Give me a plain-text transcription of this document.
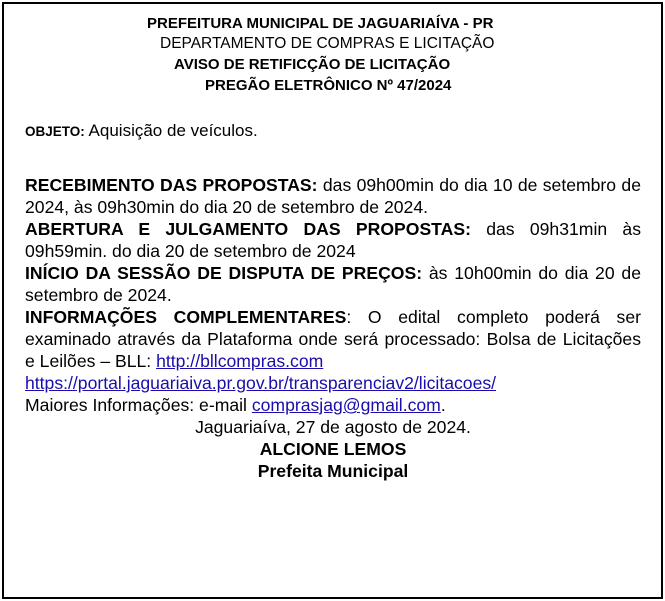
PREFEITURA MUNICIPAL DE JAGUARIAÍVA - PR
DEPARTAMENTO DE COMPRAS E LICITAÇÃO
AVISO DE RETIFICÇÃO DE LICITAÇÃO
PREGÃO ELETRÔNICO Nº 47/2024
OBJETO: Aquisição de veículos.

RECEBIMENTO DAS PROPOSTAS: das 09h00min do dia 10 de setembro de 2024, às 09h30min do dia 20 de setembro de 2024.

ABERTURA E JULGAMENTO DAS PROPOSTAS: das 09h31min às 09h59min. do dia 20 de setembro de 2024

INÍCIO DA SESSÃO DE DISPUTA DE PREÇOS: às 10h00min do dia 20 de setembro de 2024.

INFORMAÇÕES COMPLEMENTARES: O edital completo poderá ser examinado através da Plataforma onde será processado: Bolsa de Licitações e Leilões – BLL: http://bllcompras.com

https://portal.jaguariaiva.pr.gov.br/transparenciav2/licitacoes/

Maiores Informações: e-mail comprasjag@gmail.com.

Jaguariaíva, 27 de agosto de 2024.

ALCIONE LEMOS

Prefeita Municipal
